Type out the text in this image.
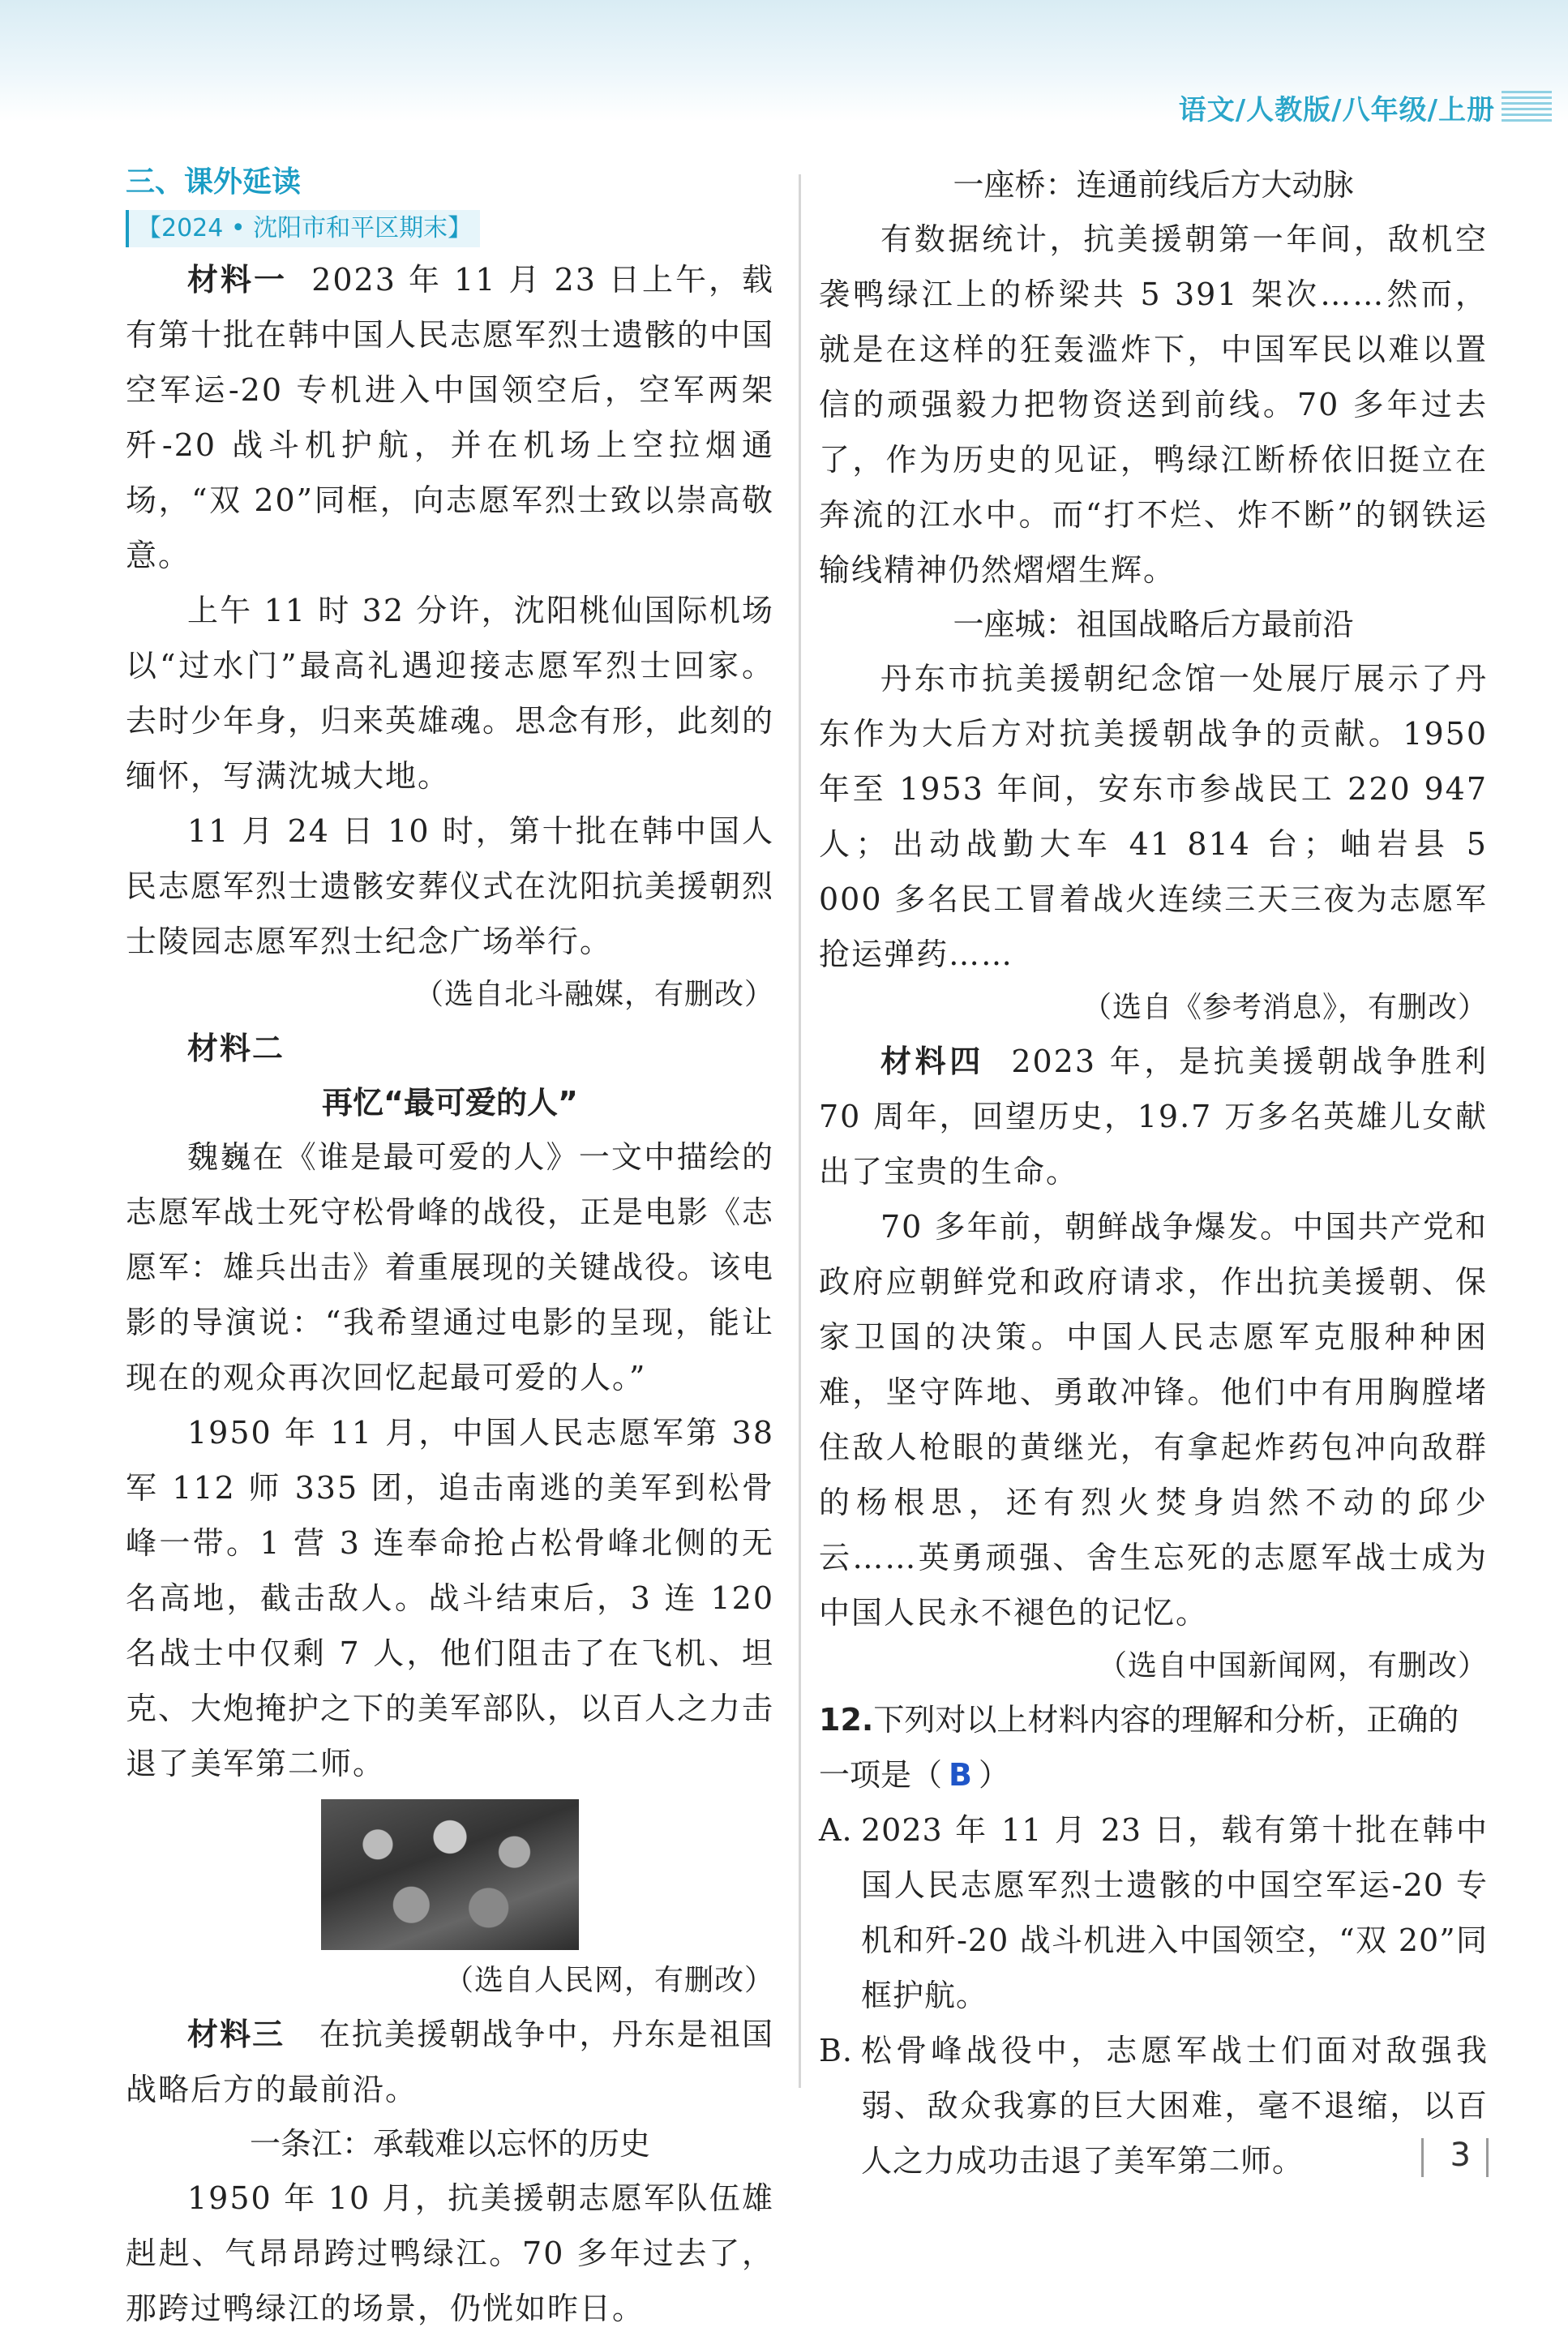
语文/人教版/八年级/上册

三、课外延读

【2024 • 沈阳市和平区期末】

材料一 2023 年 11 月 23 日上午，载有第十批在韩中国人民志愿军烈士遗骸的中国空军运-20 专机进入中国领空后，空军两架歼-20 战斗机护航，并在机场上空拉烟通场，“双 20”同框，向志愿军烈士致以崇高敬意。

上午 11 时 32 分许，沈阳桃仙国际机场以“过水门”最高礼遇迎接志愿军烈士回家。去时少年身，归来英雄魂。思念有形，此刻的缅怀，写满沈城大地。

11 月 24 日 10 时，第十批在韩中国人民志愿军烈士遗骸安葬仪式在沈阳抗美援朝烈士陵园志愿军烈士纪念广场举行。

（选自北斗融媒，有删改）

材料二

再忆“最可爱的人”

魏巍在《谁是最可爱的人》一文中描绘的志愿军战士死守松骨峰的战役，正是电影《志愿军：雄兵出击》着重展现的关键战役。该电影的导演说：“我希望通过电影的呈现，能让现在的观众再次回忆起最可爱的人。”

1950 年 11 月，中国人民志愿军第 38 军 112 师 335 团，追击南逃的美军到松骨峰一带。1 营 3 连奉命抢占松骨峰北侧的无名高地，截击敌人。战斗结束后，3 连 120 名战士中仅剩 7 人，他们阻击了在飞机、坦克、大炮掩护之下的美军部队，以百人之力击退了美军第二师。

（选自人民网，有删改）

材料三 在抗美援朝战争中，丹东是祖国战略后方的最前沿。

一条江：承载难以忘怀的历史

1950 年 10 月，抗美援朝志愿军队伍雄赳赳、气昂昂跨过鸭绿江。70 多年过去了，那跨过鸭绿江的场景，仍恍如昨日。

一座桥：连通前线后方大动脉

有数据统计，抗美援朝第一年间，敌机空袭鸭绿江上的桥梁共 5 391 架次……然而，就是在这样的狂轰滥炸下，中国军民以难以置信的顽强毅力把物资送到前线。70 多年过去了，作为历史的见证，鸭绿江断桥依旧挺立在奔流的江水中。而“打不烂、炸不断”的钢铁运输线精神仍然熠熠生辉。

一座城：祖国战略后方最前沿

丹东市抗美援朝纪念馆一处展厅展示了丹东作为大后方对抗美援朝战争的贡献。1950 年至 1953 年间，安东市参战民工 220 947 人；出动战勤大车 41 814 台；岫岩县 5 000 多名民工冒着战火连续三天三夜为志愿军抢运弹药……

（选自《参考消息》，有删改）

材料四 2023 年，是抗美援朝战争胜利 70 周年，回望历史，19.7 万多名英雄儿女献出了宝贵的生命。

70 多年前，朝鲜战争爆发。中国共产党和政府应朝鲜党和政府请求，作出抗美援朝、保家卫国的决策。中国人民志愿军克服种种困难，坚守阵地、勇敢冲锋。他们中有用胸膛堵住敌人枪眼的黄继光，有拿起炸药包冲向敌群的杨根思，还有烈火焚身岿然不动的邱少云……英勇顽强、舍生忘死的志愿军战士成为中国人民永不褪色的记忆。

（选自中国新闻网，有删改）

12.下列对以上材料内容的理解和分析，正确的一项是（ B ）

A. 2023 年 11 月 23 日，载有第十批在韩中国人民志愿军烈士遗骸的中国空军运-20 专机和歼-20 战斗机进入中国领空，“双 20”同框护航。

B. 松骨峰战役中，志愿军战士们面对敌强我弱、敌众我寡的巨大困难，毫不退缩，以百人之力成功击退了美军第二师。	3
